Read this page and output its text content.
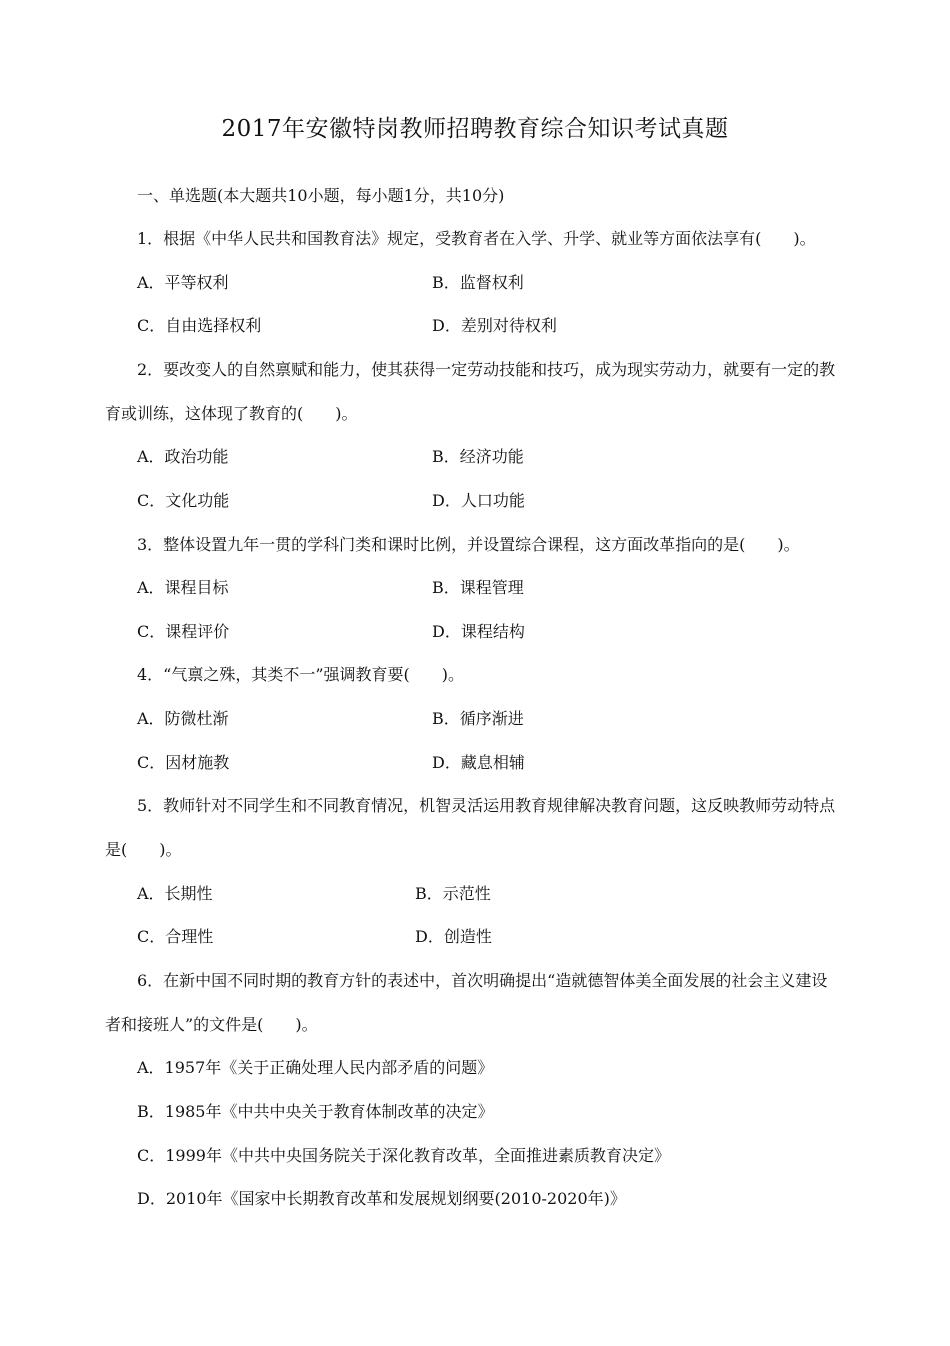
2017年安徽特岗教师招聘教育综合知识考试真题
一、单选题(本大题共10小题，每小题1分，共10分)
1．根据《中华人民共和国教育法》规定，受教育者在入学、升学、就业等方面依法享有(　　)。
A．平等权利	B．监督权利
C．自由选择权利	D．差别对待权利
2．要改变人的自然禀赋和能力，使其获得一定劳动技能和技巧，成为现实劳动力，就要有一定的教
育或训练，这体现了教育的(　　)。
A．政治功能	B．经济功能
C．文化功能	D．人口功能
3．整体设置九年一贯的学科门类和课时比例，并设置综合课程，这方面改革指向的是(　　)。
A．课程目标	B．课程管理
C．课程评价	D．课程结构
4．“气禀之殊，其类不一”强调教育要(　　)。
A．防微杜渐	B．循序渐进
C．因材施教	D．藏息相辅
5．教师针对不同学生和不同教育情况，机智灵活运用教育规律解决教育问题，这反映教师劳动特点
是(　　)。
A．长期性	B．示范性
C．合理性	D．创造性
6．在新中国不同时期的教育方针的表述中，首次明确提出“造就德智体美全面发展的社会主义建设
者和接班人”的文件是(　　)。
A．1957年《关于正确处理人民内部矛盾的问题》
B．1985年《中共中央关于教育体制改革的决定》
C．1999年《中共中央国务院关于深化教育改革，全面推进素质教育决定》
D．2010年《国家中长期教育改革和发展规划纲要(2010-2020年)》
